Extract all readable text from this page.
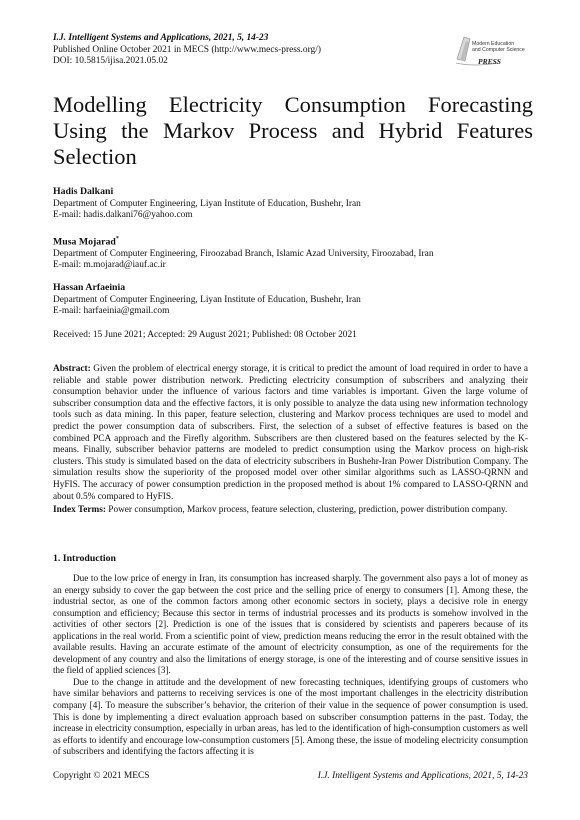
I.J. Intelligent Systems and Applications, 2021, 5, 14-23
Published Online October 2021 in MECS (http://www.mecs-press.org/)
DOI: 10.5815/ijisa.2021.05.02
Modern Education
and Computer Science
PRESS
Modelling Electricity Consumption Forecasting Using the Markov Process and Hybrid Features Selection
Hadis Dalkani
Department of Computer Engineering, Liyan Institute of Education, Bushehr, Iran
E-mail: hadis.dalkani76@yahoo.com
Musa Mojarad*
Department of Computer Engineering, Firoozabad Branch, Islamic Azad University, Firoozabad, Iran
E-mail: m.mojarad@iauf.ac.ir
Hassan Arfaeinia
Department of Computer Engineering, Liyan Institute of Education, Bushehr, Iran
E-mail: harfaeinia@gmail.com
Received: 15 June 2021; Accepted: 29 August 2021; Published: 08 October 2021
Abstract: Given the problem of electrical energy storage, it is critical to predict the amount of load required in order to have a reliable and stable power distribution network. Predicting electricity consumption of subscribers and analyzing their consumption behavior under the influence of various factors and time variables is important. Given the large volume of subscriber consumption data and the effective factors, it is only possible to analyze the data using new information technology tools such as data mining. In this paper, feature selection, clustering and Markov process techniques are used to model and predict the power consumption data of subscribers. First, the selection of a subset of effective features is based on the combined PCA approach and the Firefly algorithm. Subscribers are then clustered based on the features selected by the K-means. Finally, subscriber behavior patterns are modeled to predict consumption using the Markov process on high-risk clusters. This study is simulated based on the data of electricity subscribers in Bushehr-Iran Power Distribution Company. The simulation results show the superiority of the proposed model over other similar algorithms such as LASSO-QRNN and HyFIS. The accuracy of power consumption prediction in the proposed method is about 1% compared to LASSO-QRNN and about 0.5% compared to HyFIS.
Index Terms: Power consumption, Markov process, feature selection, clustering, prediction, power distribution company.
1. Introduction

Due to the low price of energy in Iran, its consumption has increased sharply. The government also pays a lot of money as an energy subsidy to cover the gap between the cost price and the selling price of energy to consumers [1]. Among these, the industrial sector, as one of the common factors among other economic sectors in society, plays a decisive role in energy consumption and efficiency; Because this sector in terms of industrial processes and its products is somehow involved in the activities of other sectors [2]. Prediction is one of the issues that is considered by scientists and paperers because of its applications in the real world. From a scientific point of view, prediction means reducing the error in the result obtained with the available results. Having an accurate estimate of the amount of electricity consumption, as one of the requirements for the development of any country and also the limitations of energy storage, is one of the interesting and of course sensitive issues in the field of applied sciences [3].

Due to the change in attitude and the development of new forecasting techniques, identifying groups of customers who have similar behaviors and patterns to receiving services is one of the most important challenges in the electricity distribution company [4]. To measure the subscriber’s behavior, the criterion of their value in the sequence of power consumption is used. This is done by implementing a direct evaluation approach based on subscriber consumption patterns in the past. Today, the increase in electricity consumption, especially in urban areas, has led to the identification of high-consumption customers as well as efforts to identify and encourage low-consumption customers [5]. Among these, the issue of modeling electricity consumption of subscribers and identifying the factors affecting it is

Copyright © 2021 MECS	I.J. Intelligent Systems and Applications, 2021, 5, 14-23
